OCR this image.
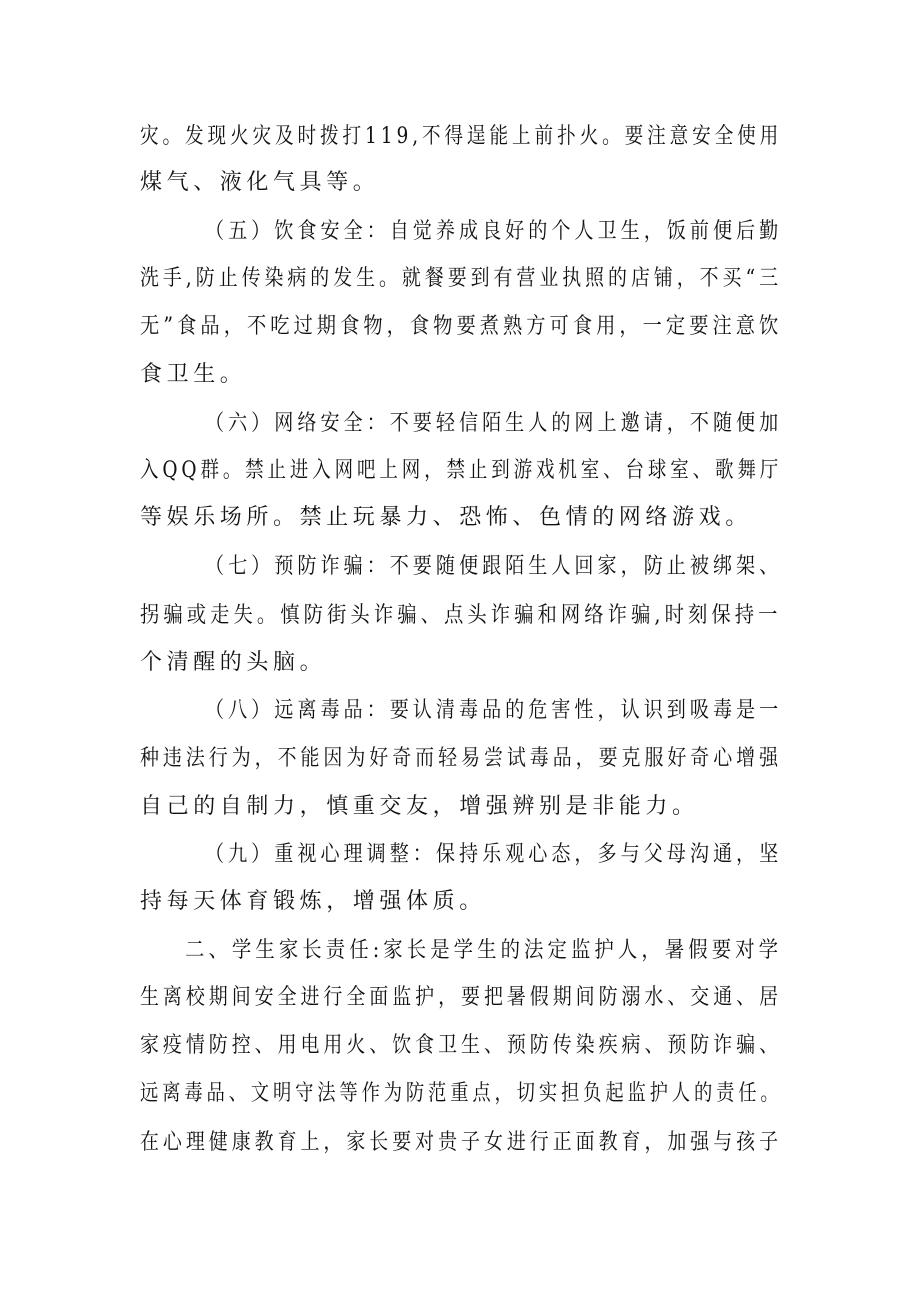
灾。发现火灾及时拨打119,不得逞能上前扑火。要注意安全使用
煤气、液化气具等。
（五）饮食安全：自觉养成良好的个人卫生，饭前便后勤
洗手,防止传染病的发生。就餐要到有营业执照的店铺，不买“三
无”食品，不吃过期食物，食物要煮熟方可食用，一定要注意饮
食卫生。
（六）网络安全：不要轻信陌生人的网上邀请，不随便加
入QQ群。禁止进入网吧上网，禁止到游戏机室、台球室、歌舞厅
等娱乐场所。禁止玩暴力、恐怖、色情的网络游戏。
（七）预防诈骗：不要随便跟陌生人回家，防止被绑架、
拐骗或走失。慎防街头诈骗、点头诈骗和网络诈骗,时刻保持一
个清醒的头脑。
（八）远离毒品：要认清毒品的危害性，认识到吸毒是一
种违法行为，不能因为好奇而轻易尝试毒品，要克服好奇心增强
自己的自制力，慎重交友，增强辨别是非能力。
（九）重视心理调整：保持乐观心态，多与父母沟通，坚
持每天体育锻炼，增强体质。
二、学生家长责任:家长是学生的法定监护人，暑假要对学
生离校期间安全进行全面监护，要把暑假期间防溺水、交通、居
家疫情防控、用电用火、饮食卫生、预防传染疾病、预防诈骗、
远离毒品、文明守法等作为防范重点，切实担负起监护人的责任。
在心理健康教育上，家长要对贵子女进行正面教育，加强与孩子
